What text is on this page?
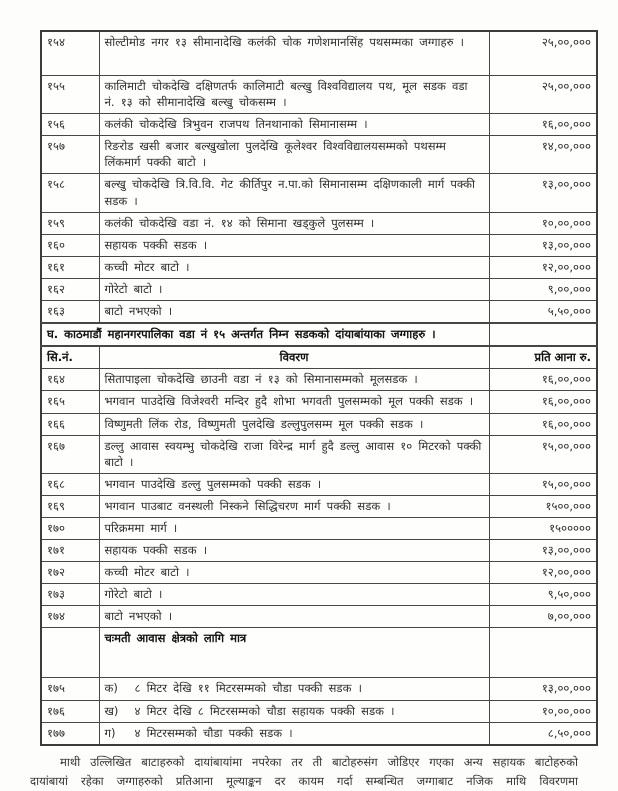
१५४	सोल्टीमोड नगर १३ सीमानादेखि कलंकी चोक गणेशमानसिंह पथसम्मका जग्गाहरु ।	२५,००,०००
१५५	कालिमाटी चोकदेखि दक्षिणतर्फ कालिमाटी बल्खु विश्वविद्यालय पथ, मूल सडक वडा नं. १३ को सीमानादेखि बल्खु चोकसम्म ।	२५,००,०००
१५६	कलंकी चोकदेखि त्रिभुवन राजपथ तिनथानाको सिमानासम्म ।	१६,००,०००
१५७	रिङरोड खसी बजार बल्खुखोला पुलदेखि कूलेश्वर विश्वविद्यालयसम्मको पथसम्म लिंकमार्ग पक्की बाटो ।	१४,००,०००
१५८	बल्खु चोकदेखि त्रि.वि.वि. गेट कीर्तिपुर न.पा.को सिमानासम्म दक्षिणकाली मार्ग पक्की सडक ।	१३,००,०००
१५९	कलंकी चोकदेखि वडा नं. १४ को सिमाना खड्कुले पुलसम्म ।	१०,००,०००
१६०	सहायक पक्की सडक ।	१३,००,०००
१६१	कच्ची मोटर बाटो ।	१२,००,०००
१६२	गोरेटो बाटो ।	९,००,०००
१६३	बाटो नभएको ।	५,५०,०००
घ. काठमाडौं महानगरपालिका वडा नं १५ अन्तर्गत निम्न सडकको दांयाबांयाका जग्गाहरु ।		
सि.नं.	विवरण	प्रति आना रु.
१६४	सितापाइला चोकदेखि छाउनी वडा नं १३ को सिमानासम्मको मूलसडक ।	१६,००,०००
१६५	भगवान पाउदेखि विजेश्वरी मन्दिर हुदै शोभा भगवती पुलसम्मको मूल पक्की सडक ।	१६,००,०००
१६६	विष्णुमती लिंक रोड, विष्णुमती पुलदेखि डल्लुपुलसम्म मूल पक्की सडक ।	१६,००,०००
१६७	डल्लु आवास स्वयम्भु चोकदेखि राजा विरेन्द्र मार्ग हुदै डल्लु आवास १० मिटरको पक्की बाटो ।	१५,००,०००
१६८	भगवान पाउदेखि डल्लु पुलसम्मको पक्की सडक ।	१५,००,०००
१६९	भगवान पाउबाट वनस्थली निस्कने सिद्धिचरण मार्ग पक्की सडक ।	१५००,०००
१७०	परिक्रममा मार्ग ।	१५०००००
१७१	सहायक पक्की सडक ।	१३,००,०००
१७२	कच्ची मोटर बाटो ।	१२,००,०००
१७३	गोरेटो बाटो ।	९,५०,०००
१७४	बाटो नभएको ।	७,००,०००
	चःमती आवास क्षेत्रको लागि मात्र	
१७५	क) ८ मिटर देखि ११ मिटरसम्मको चौडा पक्की सडक ।	१३,००,०००
१७६	ख) ४ मिटर देखि ८ मिटरसम्मको चौडा सहायक पक्की सडक ।	१०,००,०००
१७७	ग) ४ मिटरसम्मको चौडा पक्की सडक ।	८,५०,०००
माथी उल्लिखित बाटाहरुको दायांबायांमा नपरेका तर ती बाटोहरुसंग जोडिएर गएका अन्य सहायक बाटोहरुको
दायांबायां रहेका जग्गाहरुको प्रतिआना मूल्याङ्कन दर कायम गर्दा सम्बन्धित जग्गाबाट नजिक माथि विवरणमा
